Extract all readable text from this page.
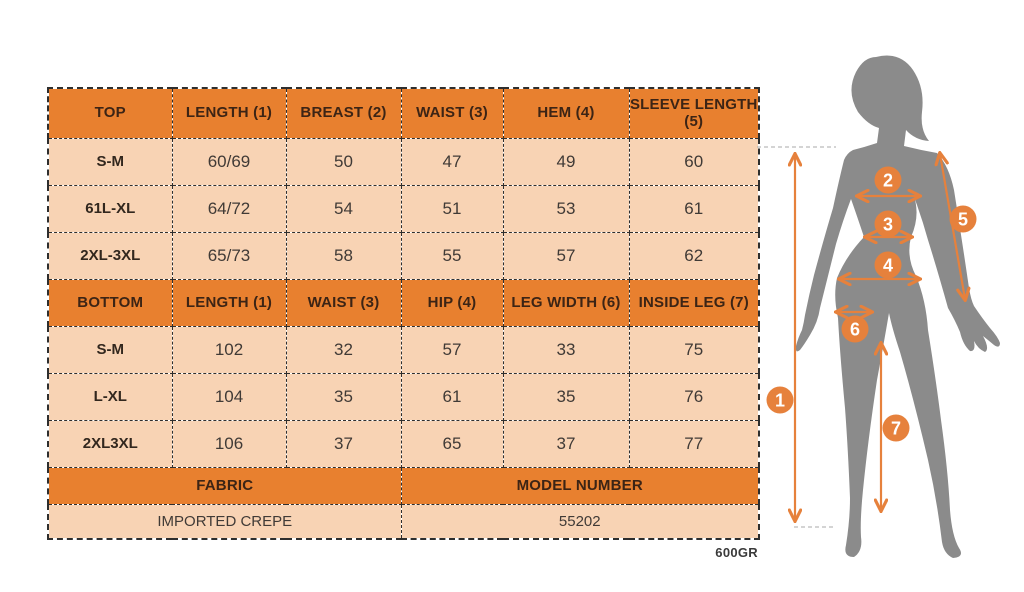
TOP	LENGTH (1)	BREAST (2)	WAIST (3)	HEM (4)	SLEEVE LENGTH (5)
S-M	60/69	50	47	49	60
61L-XL	64/72	54	51	53	61
2XL-3XL	65/73	58	55	57	62
BOTTOM	LENGTH (1)	WAIST (3)	HIP (4)	LEG WIDTH (6)	INSIDE LEG (7)
S-M	102	32	57	33	75
L-XL	104	35	61	35	76
2XL3XL	106	37	65	37	77
FABRIC			MODEL NUMBER		
IMPORTED CREPE			55202		
600GR
1
2
3
4
5
6
7
